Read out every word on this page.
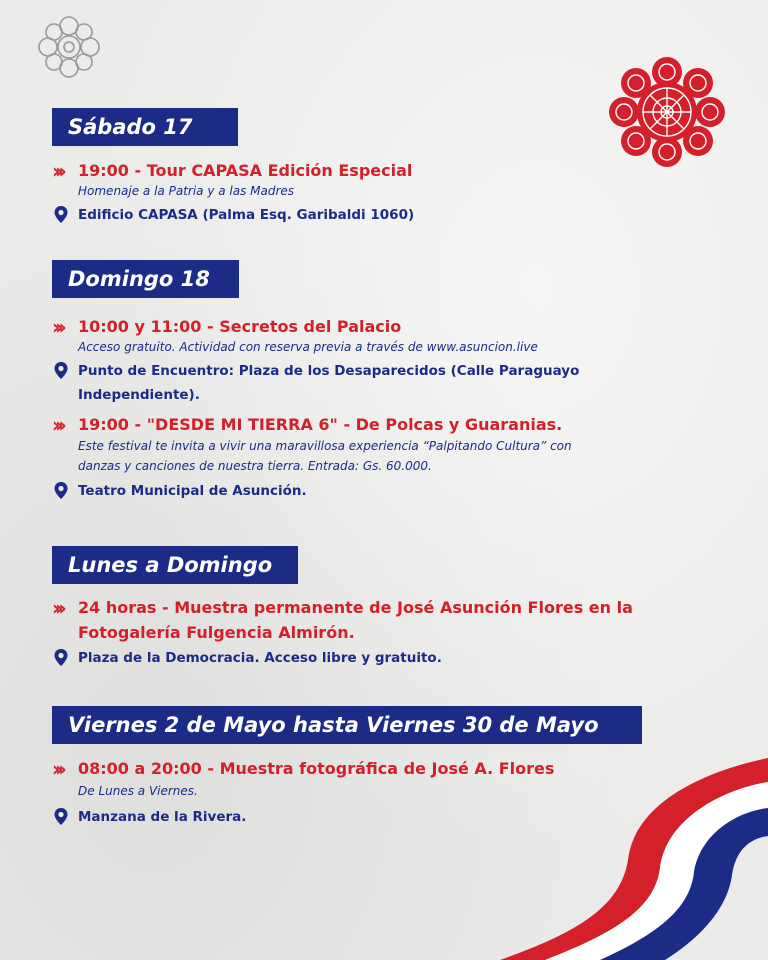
Sábado 17
›››	19:00 - Tour CAPASA Edición Especial
Homenaje a la Patria y a las Madres
Edificio CAPASA (Palma Esq. Garibaldi 1060)
Domingo 18
›››	10:00 y 11:00 - Secretos del Palacio
Acceso gratuito. Actividad con reserva previa a través de www.asuncion.live
Punto de Encuentro: Plaza de los Desaparecidos (Calle Paraguayo
Independiente).
›››	19:00 - "DESDE MI TIERRA 6" - De Polcas y Guaranias.
Este festival te invita a vivir una maravillosa experiencia “Palpitando Cultura” con
danzas y canciones de nuestra tierra. Entrada: Gs. 60.000.
Teatro Municipal de Asunción.
Lunes a Domingo
›››	24 horas - Muestra permanente de José Asunción Flores en la
Fotogalería Fulgencia Almirón.
Plaza de la Democracia. Acceso libre y gratuito.
Viernes 2 de Mayo hasta Viernes 30 de Mayo
›››	08:00 a 20:00 - Muestra fotográfica de José A. Flores
De Lunes a Viernes.
Manzana de la Rivera.
